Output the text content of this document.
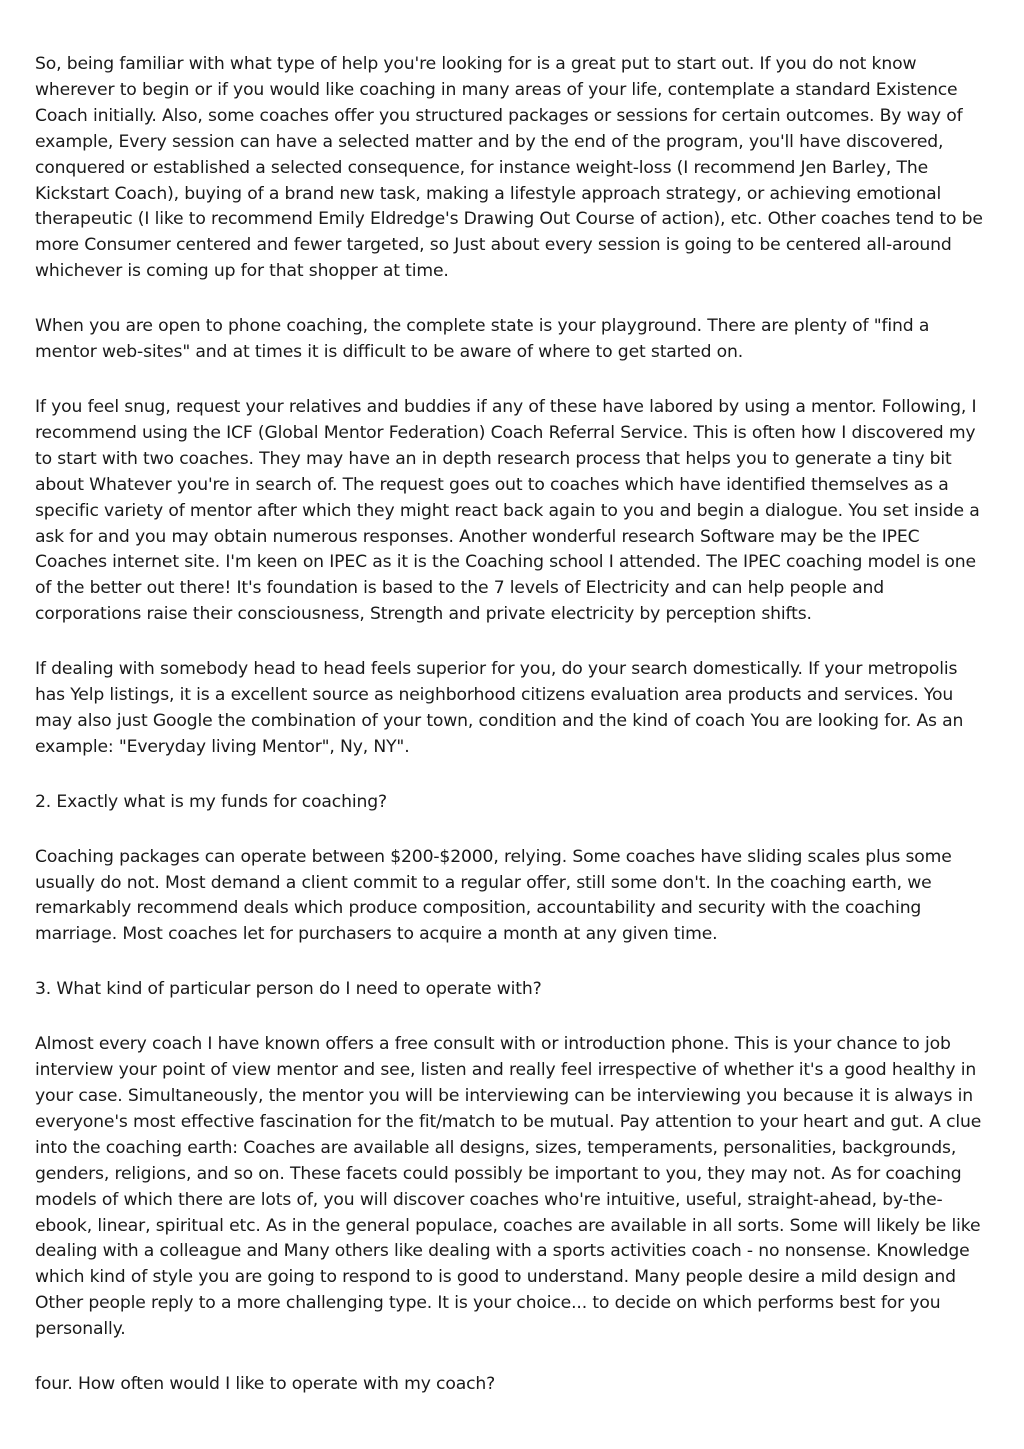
So, being familiar with what type of help you're looking for is a great put to start out. If you do not know wherever to begin or if you would like coaching in many areas of your life, contemplate a standard Existence Coach initially. Also, some coaches offer you structured packages or sessions for certain outcomes. By way of example, Every session can have a selected matter and by the end of the program, you'll have discovered, conquered or established a selected consequence, for instance weight-loss (I recommend Jen Barley, The Kickstart Coach), buying of a brand new task, making a lifestyle approach strategy, or achieving emotional therapeutic (I like to recommend Emily Eldredge's Drawing Out Course of action), etc. Other coaches tend to be more Consumer centered and fewer targeted, so Just about every session is going to be centered all-around whichever is coming up for that shopper at time.

When you are open to phone coaching, the complete state is your playground. There are plenty of "find a mentor web-sites" and at times it is difficult to be aware of where to get started on.

If you feel snug, request your relatives and buddies if any of these have labored by using a mentor. Following, I recommend using the ICF (Global Mentor Federation) Coach Referral Service. This is often how I discovered my to start with two coaches. They may have an in depth research process that helps you to generate a tiny bit about Whatever you're in search of. The request goes out to coaches which have identified themselves as a specific variety of mentor after which they might react back again to you and begin a dialogue. You set inside a ask for and you may obtain numerous responses. Another wonderful research Software may be the IPEC Coaches internet site. I'm keen on IPEC as it is the Coaching school I attended. The IPEC coaching model is one of the better out there! It's foundation is based to the 7 levels of Electricity and can help people and corporations raise their consciousness, Strength and private electricity by perception shifts.

If dealing with somebody head to head feels superior for you, do your search domestically. If your metropolis has Yelp listings, it is a excellent source as neighborhood citizens evaluation area products and services. You may also just Google the combination of your town, condition and the kind of coach You are looking for. As an example: "Everyday living Mentor", Ny, NY".

2. Exactly what is my funds for coaching?

Coaching packages can operate between $200-$2000, relying. Some coaches have sliding scales plus some usually do not. Most demand a client commit to a regular offer, still some don't. In the coaching earth, we remarkably recommend deals which produce composition, accountability and security with the coaching marriage. Most coaches let for purchasers to acquire a month at any given time.

3. What kind of particular person do I need to operate with?

Almost every coach I have known offers a free consult with or introduction phone. This is your chance to job interview your point of view mentor and see, listen and really feel irrespective of whether it's a good healthy in your case. Simultaneously, the mentor you will be interviewing can be interviewing you because it is always in everyone's most effective fascination for the fit/match to be mutual. Pay attention to your heart and gut. A clue into the coaching earth: Coaches are available all designs, sizes, temperaments, personalities, backgrounds, genders, religions, and so on. These facets could possibly be important to you, they may not. As for coaching models of which there are lots of, you will discover coaches who're intuitive, useful, straight-ahead, by-the-ebook, linear, spiritual etc. As in the general populace, coaches are available in all sorts. Some will likely be like dealing with a colleague and Many others like dealing with a sports activities coach - no nonsense. Knowledge which kind of style you are going to respond to is good to understand. Many people desire a mild design and Other people reply to a more challenging type. It is your choice... to decide on which performs best for you personally.

four. How often would I like to operate with my coach?
